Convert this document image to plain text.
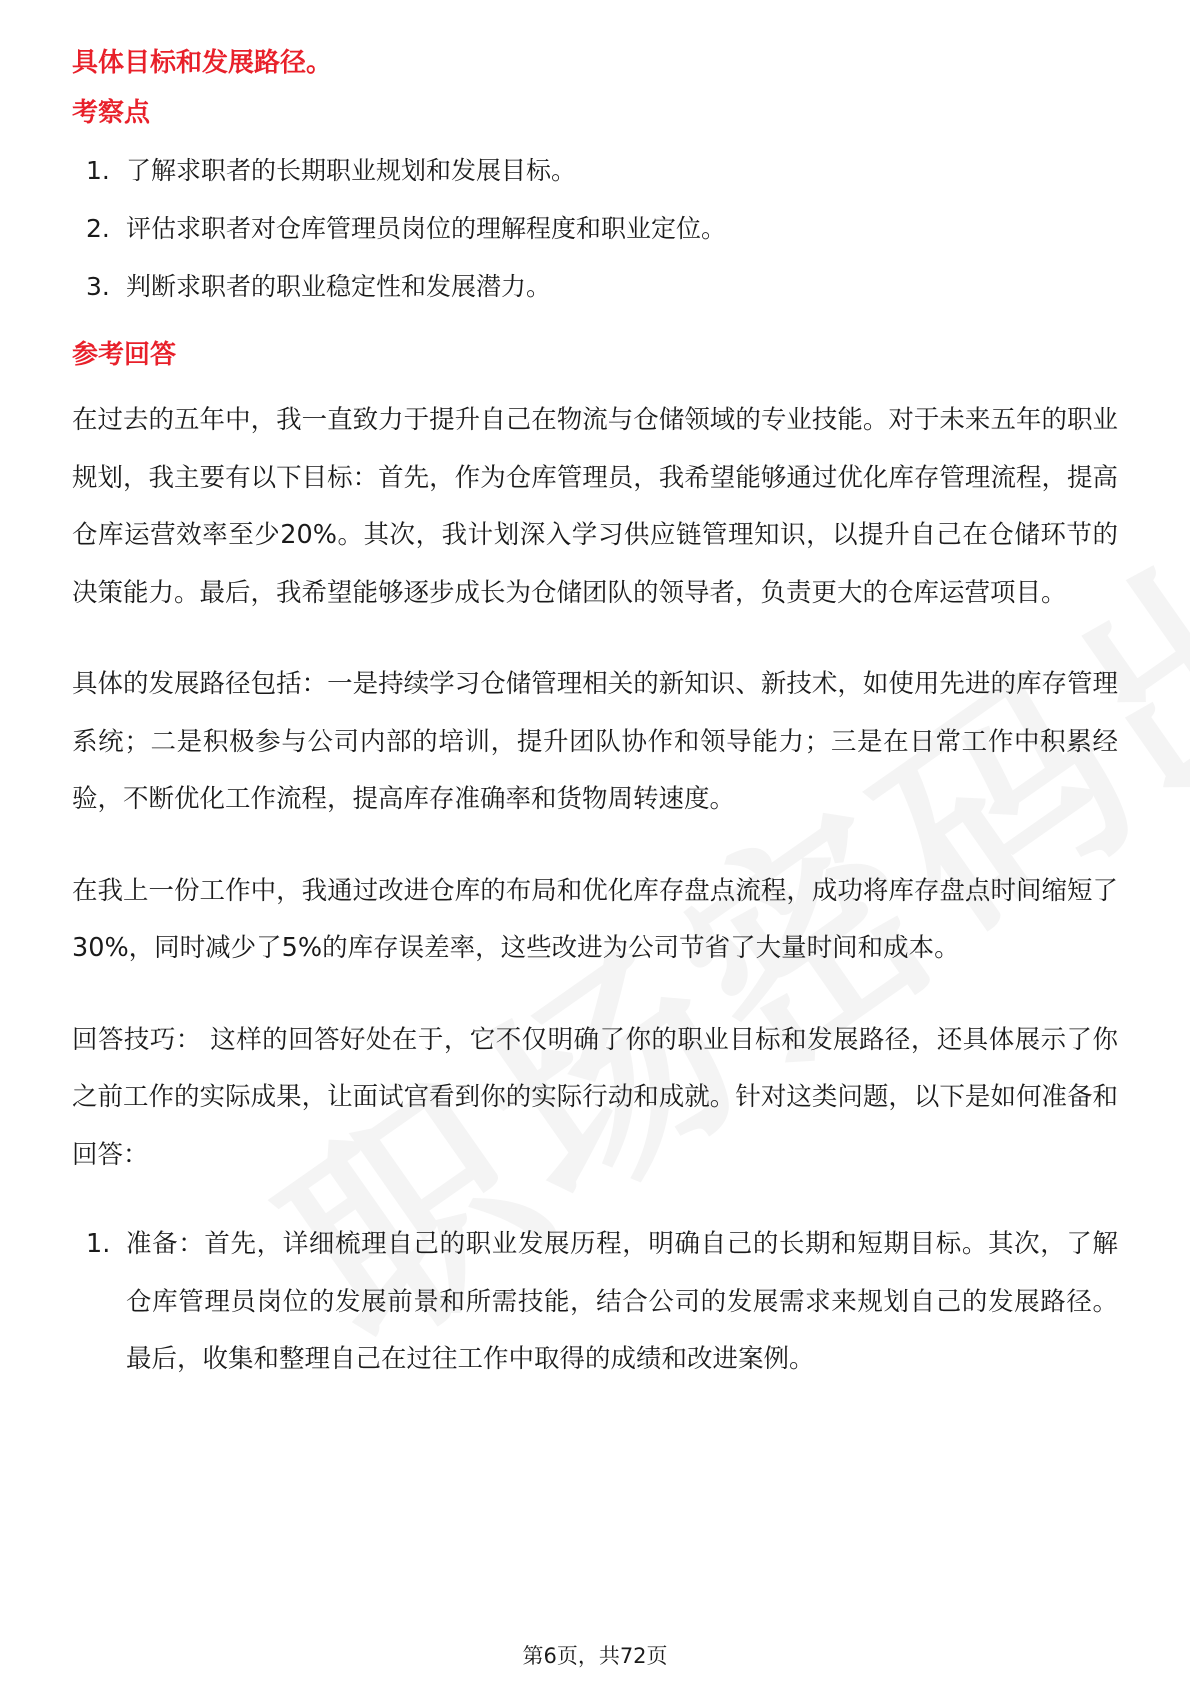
具体目标和发展路径。
考察点
1. 了解求职者的长期职业规划和发展目标。
2. 评估求职者对仓库管理员岗位的理解程度和职业定位。
3. 判断求职者的职业稳定性和发展潜力。
参考回答

在过去的五年中，我一直致力于提升自己在物流与仓储领域的专业技能。对于未来五年的职业规划，我主要有以下目标：首先，作为仓库管理员，我希望能够通过优化库存管理流程，提高仓库运营效率至少20%。其次，我计划深入学习供应链管理知识，以提升自己在仓储环节的决策能力。最后，我希望能够逐步成长为仓储团队的领导者，负责更大的仓库运营项目。

具体的发展路径包括：一是持续学习仓储管理相关的新知识、新技术，如使用先进的库存管理系统；二是积极参与公司内部的培训，提升团队协作和领导能力；三是在日常工作中积累经验，不断优化工作流程，提高库存准确率和货物周转速度。

在我上一份工作中，我通过改进仓库的布局和优化库存盘点流程，成功将库存盘点时间缩短了30%，同时减少了5%的库存误差率，这些改进为公司节省了大量时间和成本。

回答技巧： 这样的回答好处在于，它不仅明确了你的职业目标和发展路径，还具体展示了你之前工作的实际成果，让面试官看到你的实际行动和成就。针对这类问题，以下是如何准备和回答：

1. 准备：首先，详细梳理自己的职业发展历程，明确自己的长期和短期目标。其次，了解仓库管理员岗位的发展前景和所需技能，结合公司的发展需求来规划自己的发展路径。最后，收集和整理自己在过往工作中取得的成绩和改进案例。
第6页，共72页
